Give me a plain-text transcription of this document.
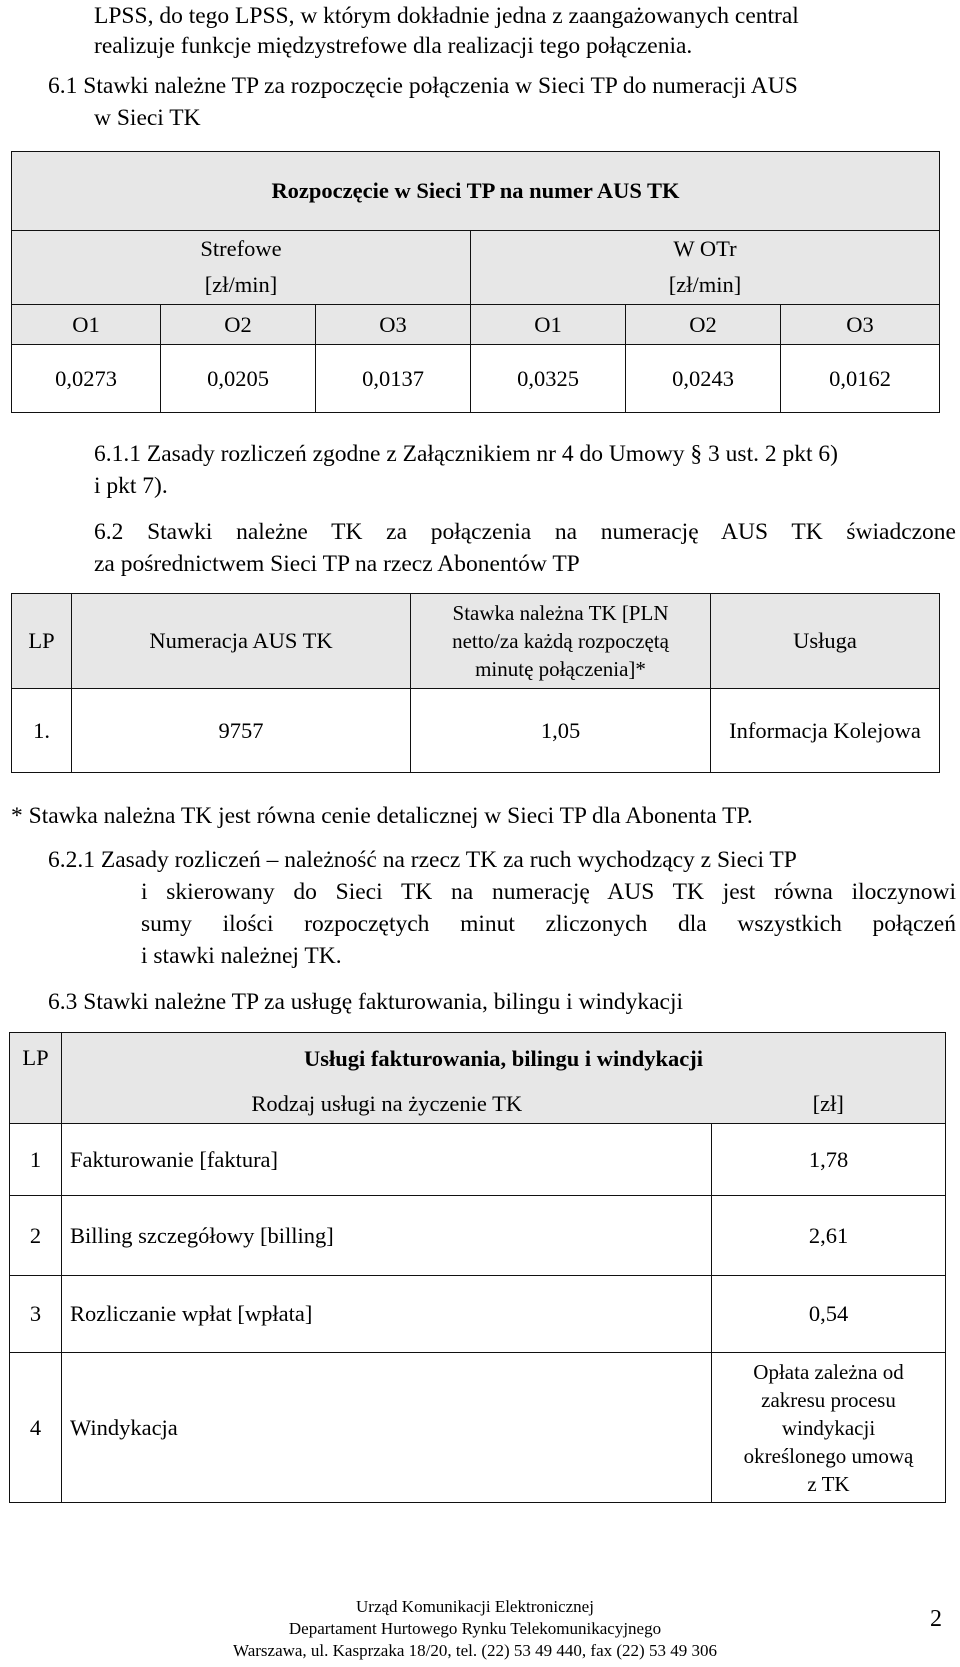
LPSS, do tego LPSS, w którym dokładnie jedna z zaangażowanych central

realizuje funkcje międzystrefowe dla realizacji tego połączenia.

6.1 Stawki należne TP za rozpoczęcie połączenia w Sieci TP do numeracji AUS

w Sieci TK

Rozpoczęcie w Sieci TP na numer AUS TK					
Strefowe			W OTr		
[zł/min]			[zł/min]		
O1	O2	O3	O1	O2	O3
0,0273	0,0205	0,0137	0,0325	0,0243	0,0162

6.1.1 Zasady rozliczeń zgodne z Załącznikiem nr 4 do Umowy § 3 ust. 2 pkt 6)

i pkt 7).

6.2 Stawki należne TK za połączenia na numerację AUS TK świadczone

za pośrednictwem Sieci TP na rzecz Abonentów TP

LP	Numeracja AUS TK	Stawka należna TK [PLN
netto/za każdą rozpoczętą
minutę połączenia]*	Usługa
1.	9757	1,05	Informacja Kolejowa

* Stawka należna TK jest równa cenie detalicznej w Sieci TP dla Abonenta TP.

6.2.1 Zasady rozliczeń – należność na rzecz TK za ruch wychodzący z Sieci TP

i skierowany do Sieci TK na numerację AUS TK jest równa iloczynowi

sumy ilości rozpoczętych minut zliczonych dla wszystkich połączeń

i stawki należnej TK.

6.3 Stawki należne TP za usługę fakturowania, bilingu i windykacji

LP	Usługi fakturowania, bilingu i windykacji	
	Rodzaj usługi na życzenie TK	[zł]
1	Fakturowanie [faktura]	1,78
2	Billing szczegółowy [billing]	2,61
3	Rozliczanie wpłat [wpłata]	0,54
4	Windykacja	Opłata zależna od
zakresu procesu
windykacji
określonego umową
z TK
Urząd Komunikacji Elektronicznej
Departament Hurtowego Rynku Telekomunikacyjnego
Warszawa, ul. Kasprzaka 18/20, tel. (22) 53 49 440, fax (22) 53 49 306
2
